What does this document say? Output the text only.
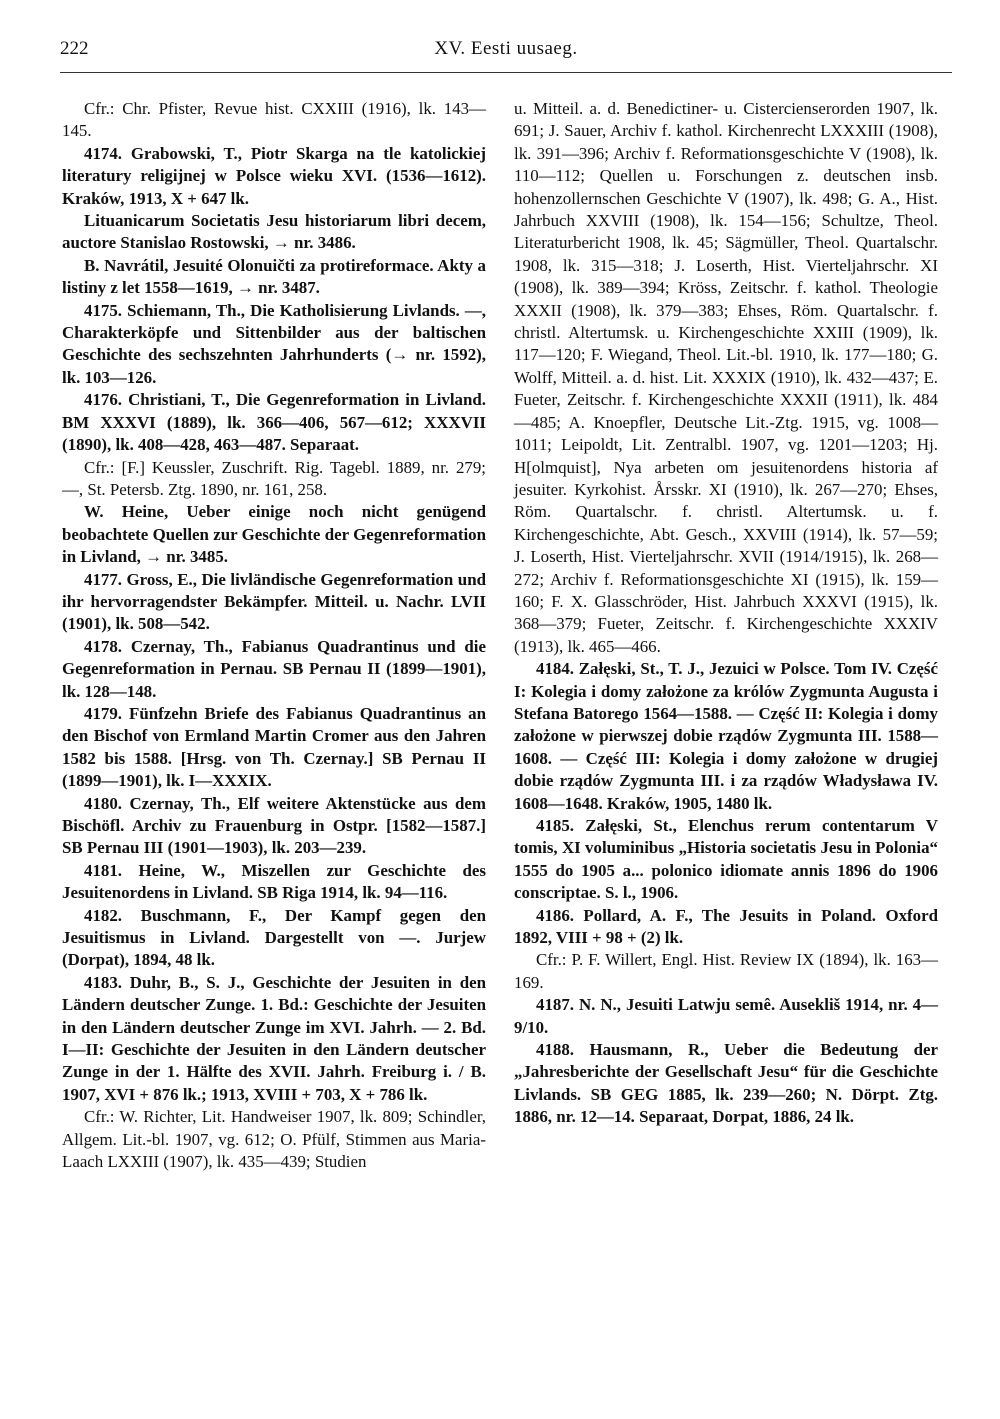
222	XV. Eesti uusaeg.

Cfr.: Chr. Pfister, Revue hist. CXXIII (1916), lk. 143—145.

4174. Grabowski, T., Piotr Skarga na tle katolickiej literatury religijnej w Polsce wieku XVI. (1536—1612). Kraków, 1913, X + 647 lk.

Lituanicarum Societatis Jesu historiarum libri decem, auctore Stanislao Rostowski, → nr. 3486.

B. Navrátil, Jesuité Olonuičti za protireformace. Akty a listiny z let 1558—1619, → nr. 3487.

4175. Schiemann, Th., Die Katholisierung Livlands. —, Charakterköpfe und Sittenbilder aus der baltischen Geschichte des sechszehnten Jahrhunderts (→ nr. 1592), lk. 103—126.

4176. Christiani, T., Die Gegenreformation in Livland. BM XXXVI (1889), lk. 366—406, 567—612; XXXVII (1890), lk. 408—428, 463—487. Separaat.

Cfr.: [F.] Keussler, Zuschrift. Rig. Tagebl. 1889, nr. 279; —, St. Petersb. Ztg. 1890, nr. 161, 258.

W. Heine, Ueber einige noch nicht genügend beobachtete Quellen zur Geschichte der Gegenreformation in Livland, → nr. 3485.

4177. Gross, E., Die livländische Gegenreformation und ihr hervorragendster Bekämpfer. Mitteil. u. Nachr. LVII (1901), lk. 508—542.

4178. Czernay, Th., Fabianus Quadrantinus und die Gegenreformation in Pernau. SB Pernau II (1899—1901), lk. 128—148.

4179. Fünfzehn Briefe des Fabianus Quadrantinus an den Bischof von Ermland Martin Cromer aus den Jahren 1582 bis 1588. [Hrsg. von Th. Czernay.] SB Pernau II (1899—1901), lk. I—XXXIX.

4180. Czernay, Th., Elf weitere Aktenstücke aus dem Bischöfl. Archiv zu Frauenburg in Ostpr. [1582—1587.] SB Pernau III (1901—1903), lk. 203—239.

4181. Heine, W., Miszellen zur Geschichte des Jesuitenordens in Livland. SB Riga 1914, lk. 94—116.

4182. Buschmann, F., Der Kampf gegen den Jesuitismus in Livland. Dargestellt von —. Jurjew (Dorpat), 1894, 48 lk.

4183. Duhr, B., S. J., Geschichte der Jesuiten in den Ländern deutscher Zunge. 1. Bd.: Geschichte der Jesuiten in den Ländern deutscher Zunge im XVI. Jahrh. — 2. Bd. I—II: Geschichte der Jesuiten in den Ländern deutscher Zunge in der 1. Hälfte des XVII. Jahrh. Freiburg i. / B. 1907, XVI + 876 lk.; 1913, XVIII + 703, X + 786 lk.

Cfr.: W. Richter, Lit. Handweiser 1907, lk. 809; Schindler, Allgem. Lit.-bl. 1907, vg. 612; O. Pfülf, Stimmen aus Maria-Laach LXXIII (1907), lk. 435—439; Studien

u. Mitteil. a. d. Benedictiner- u. Cistercienserorden 1907, lk. 691; J. Sauer, Archiv f. kathol. Kirchenrecht LXXXIII (1908), lk. 391—396; Archiv f. Reformationsgeschichte V (1908), lk. 110—112; Quellen u. Forschungen z. deutschen insb. hohenzollernschen Geschichte V (1907), lk. 498; G. A., Hist. Jahrbuch XXVIII (1908), lk. 154—156; Schultze, Theol. Literaturbericht 1908, lk. 45; Sägmüller, Theol. Quartalschr. 1908, lk. 315—318; J. Loserth, Hist. Vierteljahrschr. XI (1908), lk. 389—394; Kröss, Zeitschr. f. kathol. Theologie XXXII (1908), lk. 379—383; Ehses, Röm. Quartalschr. f. christl. Altertumsk. u. Kirchengeschichte XXIII (1909), lk. 117—120; F. Wiegand, Theol. Lit.-bl. 1910, lk. 177—180; G. Wolff, Mitteil. a. d. hist. Lit. XXXIX (1910), lk. 432—437; E. Fueter, Zeitschr. f. Kirchengeschichte XXXII (1911), lk. 484—485; A. Knoepfler, Deutsche Lit.-Ztg. 1915, vg. 1008—1011; Leipoldt, Lit. Zentralbl. 1907, vg. 1201—1203; Hj. H[olmquist], Nya arbeten om jesuitenordens historia af jesuiter. Kyrkohist. Årsskr. XI (1910), lk. 267—270; Ehses, Röm. Quartalschr. f. christl. Altertumsk. u. f. Kirchengeschichte, Abt. Gesch., XXVIII (1914), lk. 57—59; J. Loserth, Hist. Vierteljahrschr. XVII (1914/1915), lk. 268—272; Archiv f. Reformationsgeschichte XI (1915), lk. 159—160; F. X. Glasschröder, Hist. Jahrbuch XXXVI (1915), lk. 368—379; Fueter, Zeitschr. f. Kirchengeschichte XXXIV (1913), lk. 465—466.

4184. Załęski, St., T. J., Jezuici w Polsce. Tom IV. Część I: Kolegia i domy założone za królów Zygmunta Augusta i Stefana Batorego 1564—1588. — Część II: Kolegia i domy założone w pierwszej dobie rządów Zygmunta III. 1588—1608. — Część III: Kolegia i domy założone w drugiej dobie rządów Zygmunta III. i za rządów Władysława IV. 1608—1648. Kraków, 1905, 1480 lk.

4185. Załęski, St., Elenchus rerum contentarum V tomis, XI voluminibus „Historia societatis Jesu in Polonia“ 1555 do 1905 a... polonico idiomate annis 1896 do 1906 conscriptae. S. l., 1906.

4186. Pollard, A. F., The Jesuits in Poland. Oxford 1892, VIII + 98 + (2) lk.

Cfr.: P. F. Willert, Engl. Hist. Review IX (1894), lk. 163—169.

4187. N. N., Jesuiti Latwju semê. Ausekliš 1914, nr. 4—9/10.

4188. Hausmann, R., Ueber die Bedeutung der „Jahresberichte der Gesellschaft Jesu“ für die Geschichte Livlands. SB GEG 1885, lk. 239—260; N. Dörpt. Ztg. 1886, nr. 12—14. Separaat, Dorpat, 1886, 24 lk.
